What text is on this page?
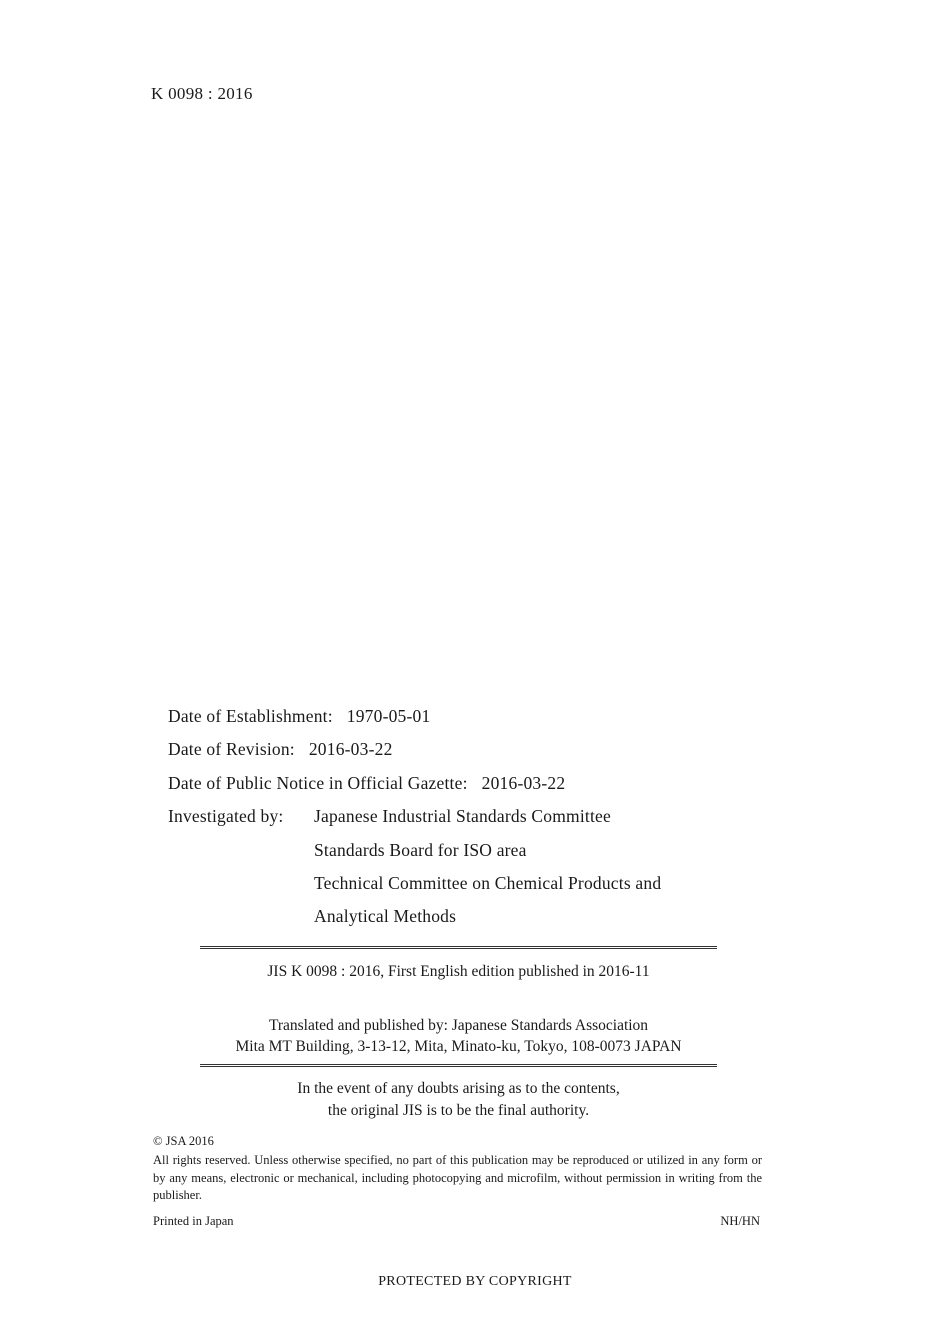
K 0098 : 2016
Date of Establishment: 1970-05-01
Date of Revision: 2016-03-22
Date of Public Notice in Official Gazette: 2016-03-22
Investigated by: Japanese Industrial Standards Committee
Standards Board for ISO area
Technical Committee on Chemical Products and
Analytical Methods
JIS K 0098 : 2016, First English edition published in 2016-11
Translated and published by: Japanese Standards Association
Mita MT Building, 3-13-12, Mita, Minato-ku, Tokyo, 108-0073 JAPAN
In the event of any doubts arising as to the contents,
the original JIS is to be the final authority.
© JSA 2016
All rights reserved. Unless otherwise specified, no part of this publication may be reproduced or utilized in any form or by any means, electronic or mechanical, including photocopying and microfilm, without permission in writing from the publisher.
Printed in Japan	NH/HN
PROTECTED BY COPYRIGHT
